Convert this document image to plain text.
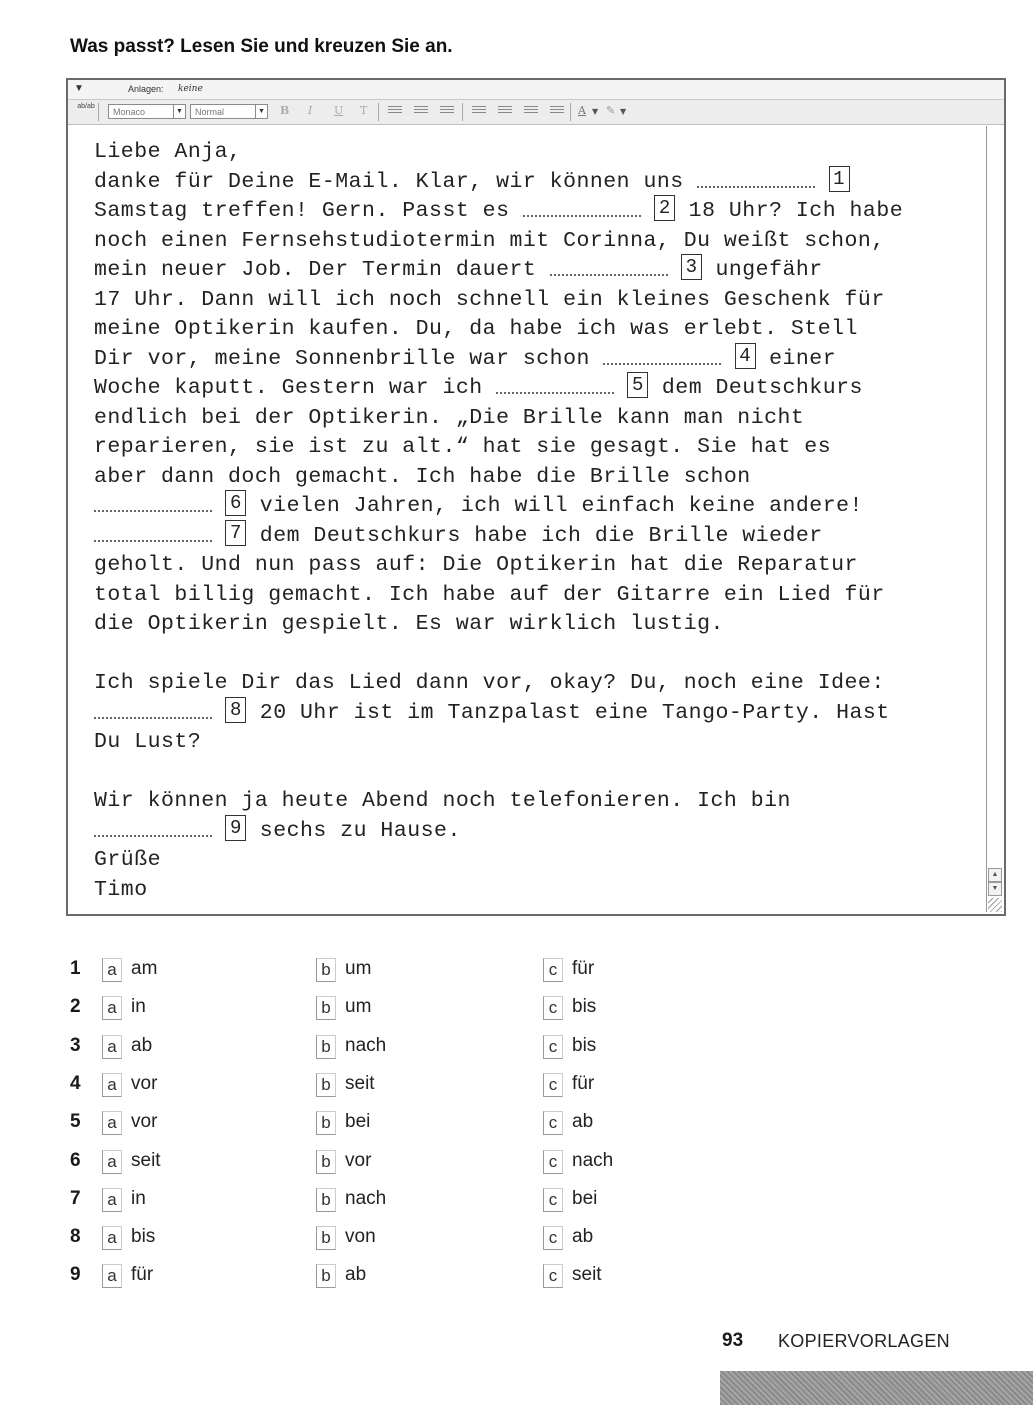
Was passt? Lesen Sie und kreuzen Sie an.
▼	Anlagen: keine
ab/ab
Monaco	▼	Normal	▼ B I U T	A ▼ ✎ ▼
Liebe Anja,
danke für Deine E-Mail. Klar, wir können uns	1
Samstag treffen! Gern. Passt es	2 18 Uhr? Ich habe
noch einen Fernsehstudiotermin mit Corinna, Du weißt schon,
mein neuer Job. Der Termin dauert	3 ungefähr
17 Uhr. Dann will ich noch schnell ein kleines Geschenk für
meine Optikerin kaufen. Du, da habe ich was erlebt. Stell
Dir vor, meine Sonnenbrille war schon	4 einer
Woche kaputt. Gestern war ich	5 dem Deutschkurs
endlich bei der Optikerin. „Die Brille kann man nicht
reparieren, sie ist zu alt.“ hat sie gesagt. Sie hat es
aber dann doch gemacht. Ich habe die Brille schon
6 vielen Jahren, ich will einfach keine andere!
7 dem Deutschkurs habe ich die Brille wieder
geholt. Und nun pass auf: Die Optikerin hat die Reparatur
total billig gemacht. Ich habe auf der Gitarre ein Lied für
die Optikerin gespielt. Es war wirklich lustig.
Ich spiele Dir das Lied dann vor, okay? Du, noch eine Idee:
8 20 Uhr ist im Tanzpalast eine Tango-Party. Hast
Du Lust?
Wir können ja heute Abend noch telefonieren. Ich bin
9 sechs zu Hause.
Grüße
Timo
▲
▼
1	a am	b um	c für
2	a in	b um	c bis
3	a ab	b nach	c bis
4	a vor	b seit	c für
5	a vor	b bei	c ab
6	a seit	b vor	c nach
7	a in	b nach	c bei
8	a bis	b von	c ab
9	a für	b ab	c seit
93 KOPIERVORLAGEN
